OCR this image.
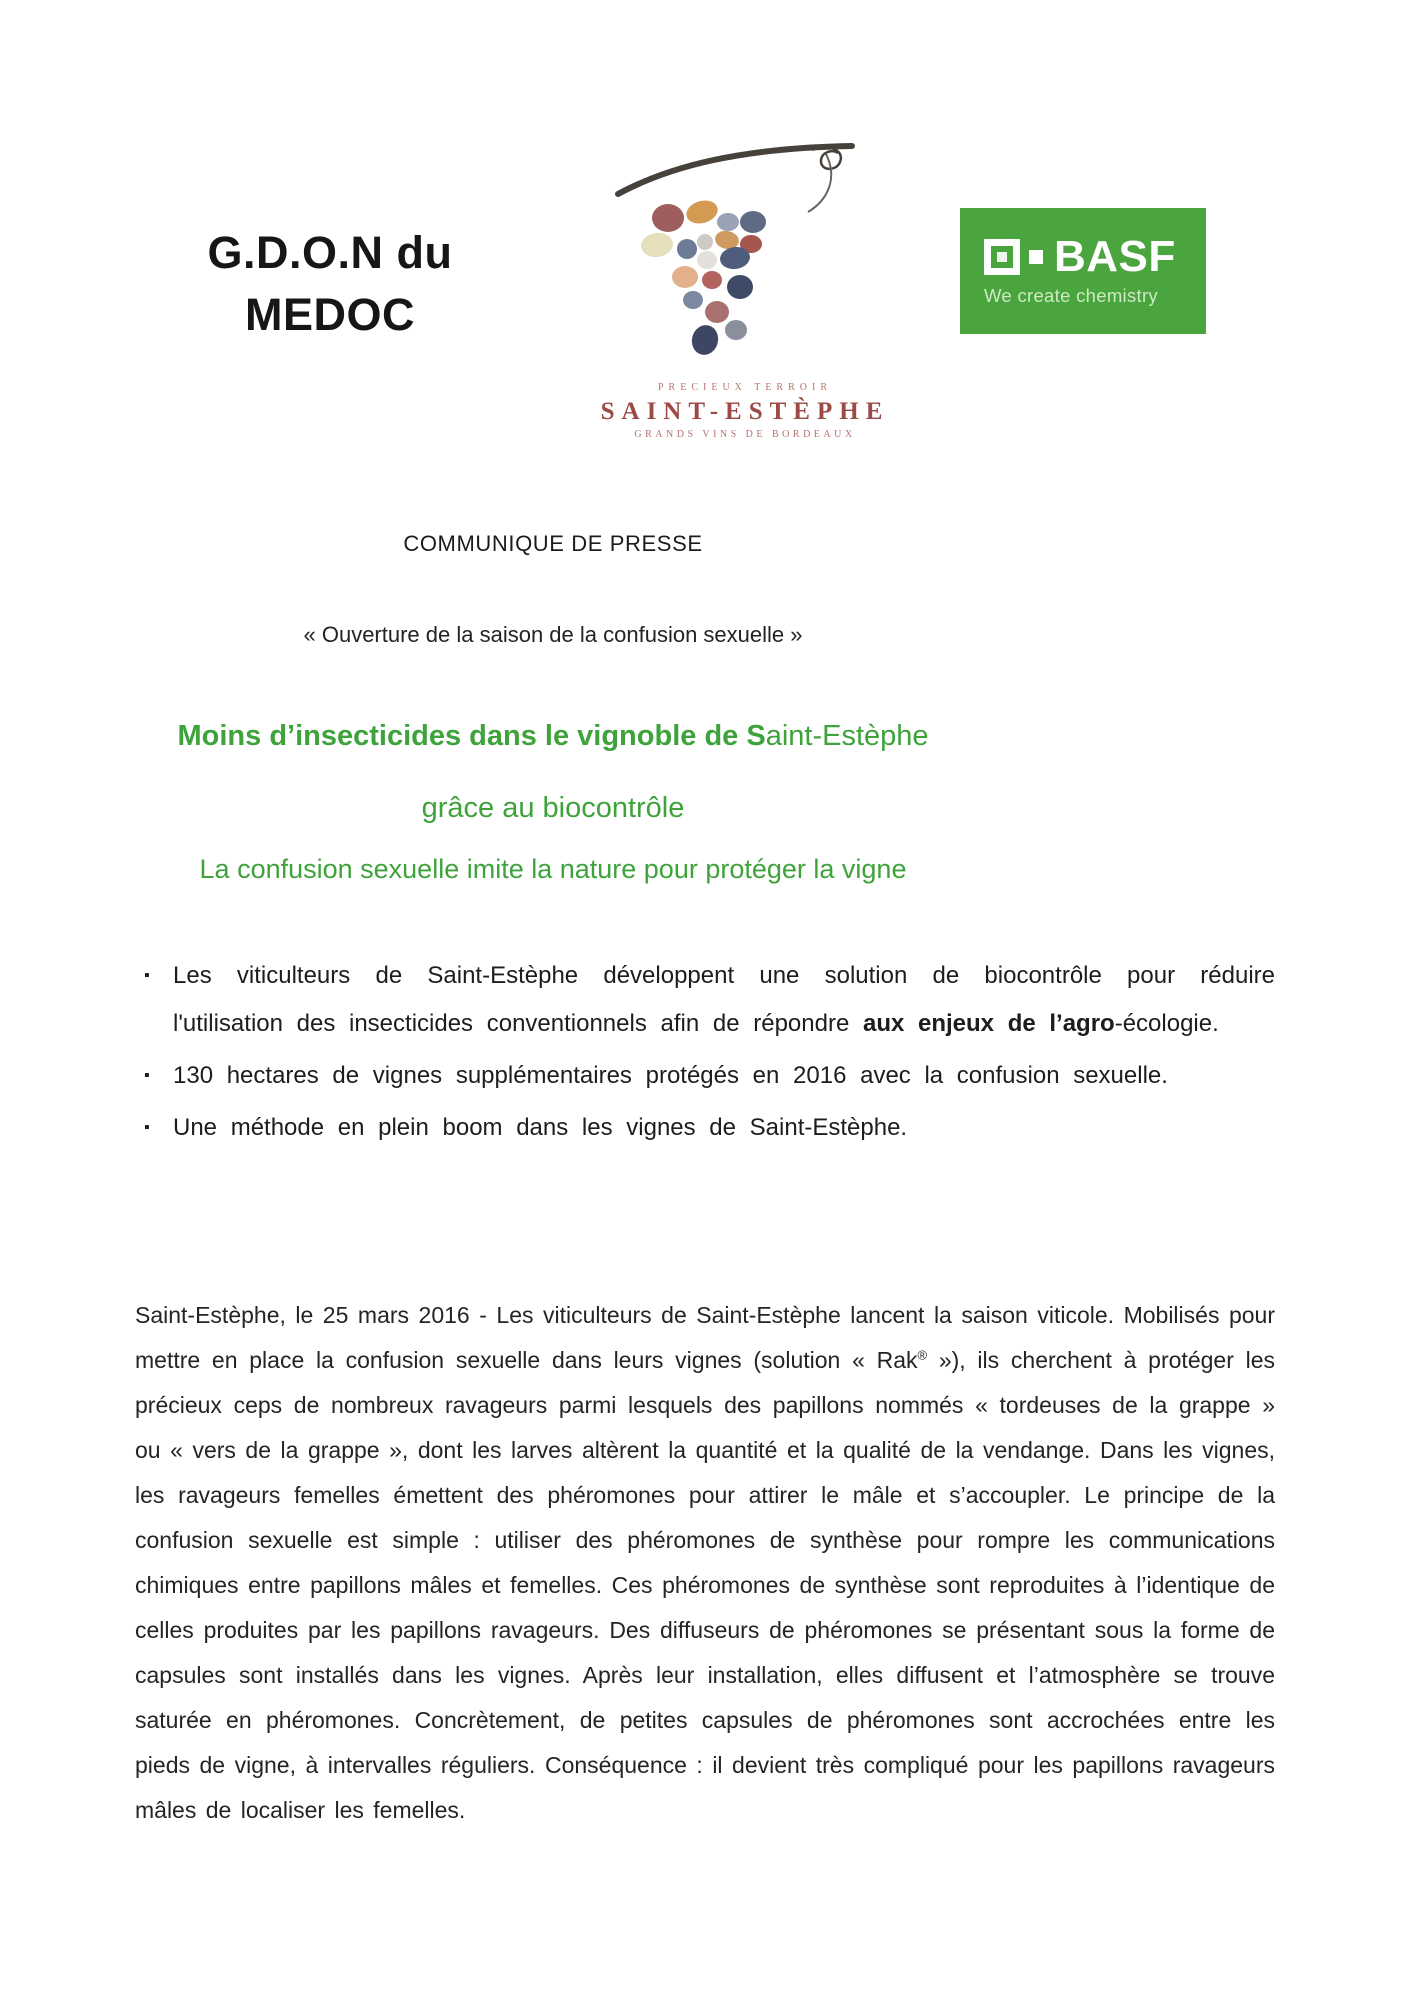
G.D.O.N du
MEDOC
PRECIEUX TERROIR
SAINT-ESTÈPHE
GRANDS VINS DE BORDEAUX
BASF
We create chemistry
COMMUNIQUE DE PRESSE
« Ouverture de la saison de la confusion sexuelle »
Moins d’insecticides dans le vignoble de Saint-Estèphe
grâce au biocontrôle
La confusion sexuelle imite la nature pour protéger la vigne
▪ Les viticulteurs de Saint-Estèphe développent une solution de biocontrôle pour réduire l'utilisation des insecticides conventionnels afin de répondre aux enjeux de l’agro-écologie.
▪ 130 hectares de vignes supplémentaires protégés en 2016 avec la confusion sexuelle.
▪ Une méthode en plein boom dans les vignes de Saint-Estèphe.
Saint-Estèphe, le 25 mars 2016 - Les viticulteurs de Saint-Estèphe lancent la saison viticole. Mobilisés pour mettre en place la confusion sexuelle dans leurs vignes (solution « Rak® »), ils cherchent à protéger les précieux ceps de nombreux ravageurs parmi lesquels des papillons nommés « tordeuses de la grappe » ou « vers de la grappe », dont les larves altèrent la quantité et la qualité de la vendange. Dans les vignes, les ravageurs femelles émettent des phéromones pour attirer le mâle et s’accoupler. Le principe de la confusion sexuelle est simple : utiliser des phéromones de synthèse pour rompre les communications chimiques entre papillons mâles et femelles. Ces phéromones de synthèse sont reproduites à l’identique de celles produites par les papillons ravageurs. Des diffuseurs de phéromones se présentant sous la forme de capsules sont installés dans les vignes. Après leur installation, elles diffusent et l’atmosphère se trouve saturée en phéromones. Concrètement, de petites capsules de phéromones sont accrochées entre les pieds de vigne, à intervalles réguliers. Conséquence : il devient très compliqué pour les papillons ravageurs mâles de localiser les femelles.
